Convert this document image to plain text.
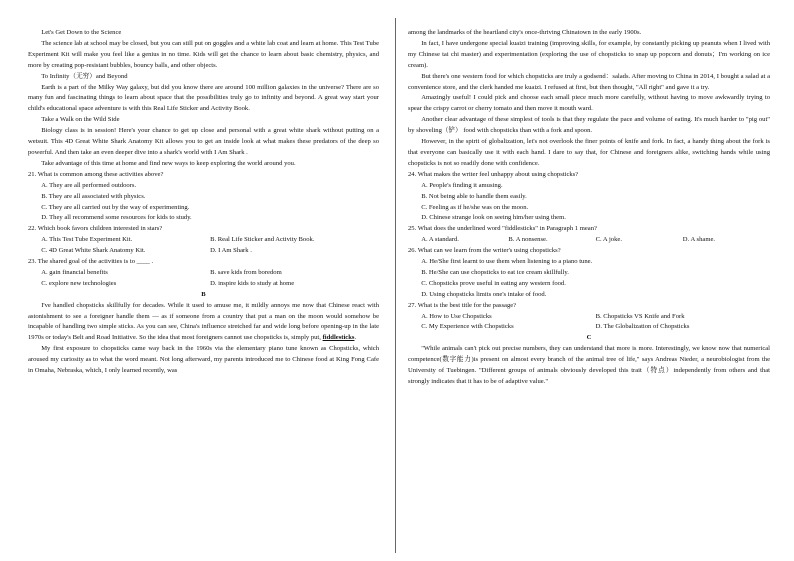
Let's Get Down to the Science

The science lab at school may be closed, but you can still put on goggles and a white lab coat and learn at home. This Test Tube Experiment Kit will make you feel like a genius in no time. Kids will get the chance to learn about basic chemistry, physics, and more by creating pop-resistant bubbles, bouncy balls, and other objects.

To Infinity（无穷）and Beyond

Earth is a part of the Milky Way galaxy, but did you know there are around 100 million galaxies in the universe? There are so many fun and fascinating things to learn about space that the possibilities truly go to infinity and beyond. A great way start your child's educational space adventure is with this Real Life Sticker and Activity Book.

Take a Walk on the Wild Side

Biology class is in session! Here's your chance to get up close and personal with a great white shark without putting on a wetsuit. This 4D Great White Shark Anatomy Kit allows you to get an inside look at what makes these predators of the deep so powerful. And then take an even deeper dive into a shark's world with I Am Shark .

Take advantage of this time at home and find new ways to keep exploring the world around you.

21. What is common among these activities above?

A. They are all performed outdoors.

B. They are all associated with physics.

C. They are all carried out by the way of experimenting.

D. They all recommend some resources for kids to study.

22. Which book favors children interested in stars?

A. This Test Tube Experiment Kit.	B. Real Life Sticker and Activity Book.
C. 4D Great White Shark Anatomy Kit.	D. I Am Shark .

23. The shared goal of the activities is to ____ .

A. gain financial benefits	B. save kids from boredom
C. explore new technologies	D. inspire kids to study at home

B

I've handled chopsticks skillfully for decades. While it used to amuse me, it mildly annoys me now that Chinese react with astonishment to see a foreigner handle them — as if someone from a country that put a man on the moon would somehow be incapable of handling two simple sticks. As you can see, China's influence stretched far and wide long before opening-up in the late 1970s or today's Belt and Road Initiative. So the idea that most foreigners cannot use chopsticks is, simply put, fiddlesticks.

My first exposure to chopsticks came way back in the 1960s via the elementary piano tune known as Chopsticks, which aroused my curiosity as to what the word meant. Not long afterward, my parents introduced me to Chinese food at King Fong Cafe in Omaha, Nebraska, which, I only learned recently, was

among the landmarks of the heartland city's once-thriving Chinatown in the early 1900s.

In fact, I have undergone special kuaizi training (improving skills, for example, by constantly picking up peanuts when I lived with my Chinese tai chi master) and experimentation (exploring the use of chopsticks to snap up popcorn and donuts；I'm working on ice cream).

But there's one western food for which chopsticks are truly a godsend：salads. After moving to China in 2014, I bought a salad at a convenience store, and the clerk handed me kuaizi. I refused at first, but then thought, "All right" and gave it a try.

Amazingly useful! I could pick and choose each small piece much more carefully, without having to move awkwardly trying to spear the crispy carrot or cherry tomato and then move it mouth ward.

Another clear advantage of these simplest of tools is that they regulate the pace and volume of eating. It's much harder to "pig out" by shoveling（铲） food with chopsticks than with a fork and spoon.

However, in the spirit of globalization, let's not overlook the finer points of knife and fork. In fact, a handy thing about the fork is that everyone can basically use it with each hand. I dare to say that, for Chinese and foreigners alike, switching hands while using chopsticks is not so readily done with confidence.

24. What makes the writer feel unhappy about using chopsticks?

A. People's finding it amusing.

B. Not being able to handle them easily.

C. Feeling as if he/she was on the moon.

D. Chinese strange look on seeing him/her using them.

25. What does the underlined word "fiddlesticks" in Paragraph 1 mean?

A. A standard.	B. A nonsense.	C. A joke.	D. A shame.

26. What can we learn from the writer's using chopsticks?

A. He/She first learnt to use them when listening to a piano tune.

B. He/She can use chopsticks to eat ice cream skillfully.

C. Chopsticks prove useful in eating any western food.

D. Using chopsticks limits one's intake of food.

27. What is the best title for the passage?

A. How to Use Chopsticks	B. Chopsticks VS Knife and Fork
C. My Experience with Chopsticks	D. The Globalization of Chopsticks

C

"While animals can't pick out precise numbers, they can understand that more is more. Interestingly, we know now that numerical competence(数字能力)is present on almost every branch of the animal tree of life," says Andreas Nieder, a neurobiologist from the University of Tuebingen. "Different groups of animals obviously developed this trait（特点）independently from others and that strongly indicates that it has to be of adaptive value."
